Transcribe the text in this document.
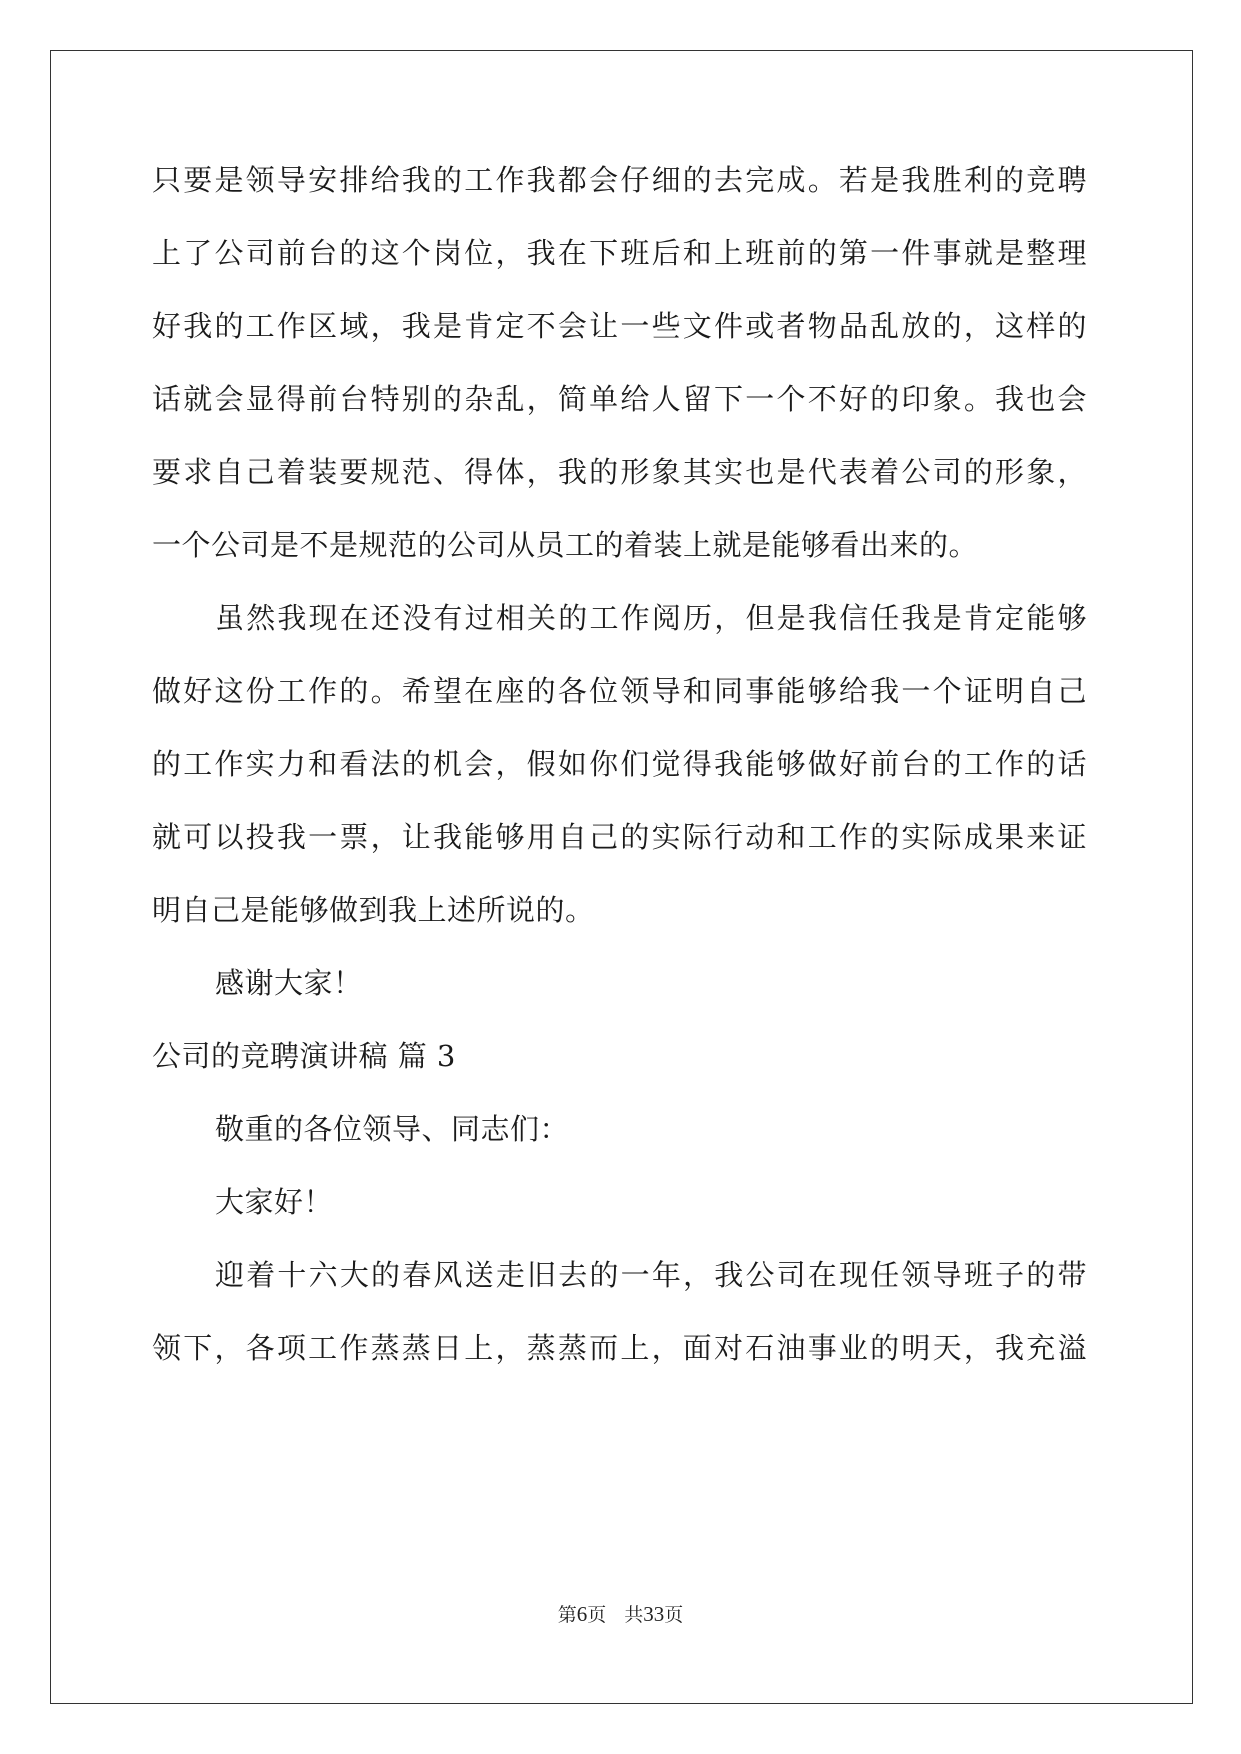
只要是领导安排给我的工作我都会仔细的去完成。若是我胜利的竞聘
上了公司前台的这个岗位，我在下班后和上班前的第一件事就是整理
好我的工作区域，我是肯定不会让一些文件或者物品乱放的，这样的
话就会显得前台特别的杂乱，简单给人留下一个不好的印象。我也会
要求自己着装要规范、得体，我的形象其实也是代表着公司的形象，
一个公司是不是规范的公司从员工的着装上就是能够看出来的。
虽然我现在还没有过相关的工作阅历，但是我信任我是肯定能够
做好这份工作的。希望在座的各位领导和同事能够给我一个证明自己
的工作实力和看法的机会，假如你们觉得我能够做好前台的工作的话
就可以投我一票，让我能够用自己的实际行动和工作的实际成果来证
明自己是能够做到我上述所说的。
感谢大家！
公司的竞聘演讲稿 篇 3
敬重的各位领导、同志们：
大家好！
迎着十六大的春风送走旧去的一年，我公司在现任领导班子的带
领下，各项工作蒸蒸日上，蒸蒸而上，面对石油事业的明天，我充溢
第6页 共33页
